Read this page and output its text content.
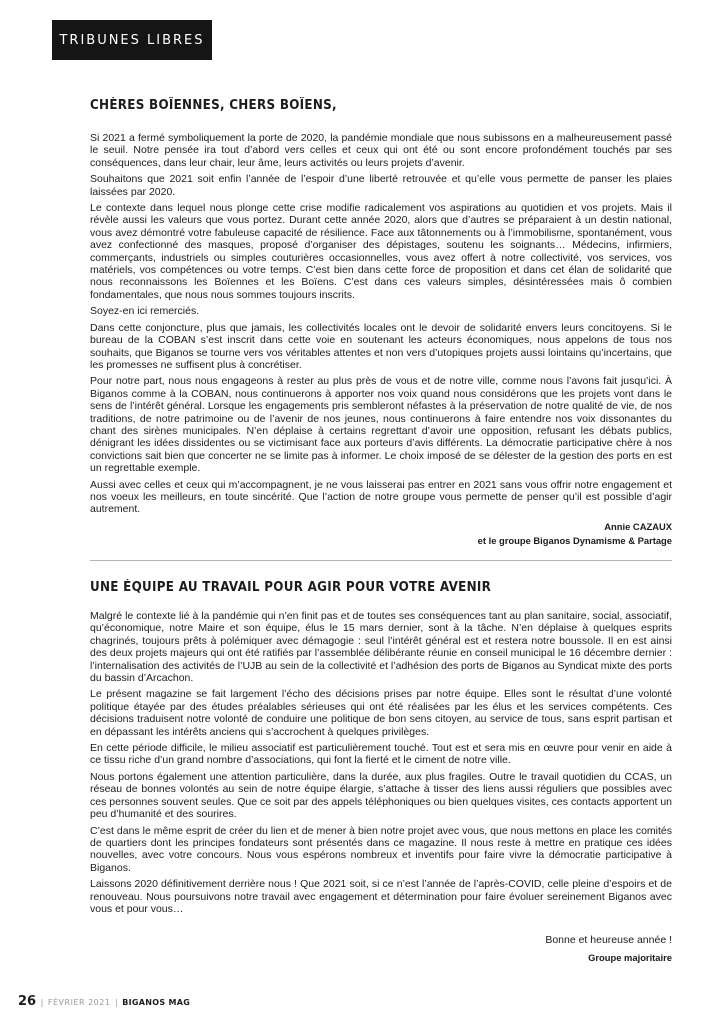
TRIBUNES LIBRES
CHÈRES BOÏENNES, CHERS BOÏENS,

Si 2021 a fermé symboliquement la porte de 2020, la pandémie mondiale que nous subissons en a malheureusement passé le seuil. Notre pensée ira tout d’abord vers celles et ceux qui ont été ou sont encore profondément touchés par ses conséquences, dans leur chair, leur âme, leurs activités ou leurs projets d’avenir.

Souhaitons que 2021 soit enfin l’année de l’espoir d’une liberté retrouvée et qu’elle vous permette de panser les plaies laissées par 2020.

Le contexte dans lequel nous plonge cette crise modifie radicalement vos aspirations au quotidien et vos projets. Mais il révèle aussi les valeurs que vous portez. Durant cette année 2020, alors que d’autres se préparaient à un destin national, vous avez démontré votre fabuleuse capacité de résilience. Face aux tâtonnements ou à l’immobilisme, spontanément, vous avez confectionné des masques, proposé d’organiser des dépistages, soutenu les soignants… Médecins, infirmiers, commerçants, industriels ou simples couturières occasionnelles, vous avez offert à notre collectivité, vos services, vos matériels, vos compétences ou votre temps. C’est bien dans cette force de proposition et dans cet élan de solidarité que nous reconnaissons les Boïennes et les Boïens. C’est dans ces valeurs simples, désintéressées mais ô combien fondamentales, que nous nous sommes toujours inscrits.

Soyez-en ici remerciés.

Dans cette conjoncture, plus que jamais, les collectivités locales ont le devoir de solidarité envers leurs concitoyens. Si le bureau de la COBAN s’est inscrit dans cette voie en soutenant les acteurs économiques, nous appelons de tous nos souhaits, que Biganos se tourne vers vos véritables attentes et non vers d’utopiques projets aussi lointains qu’incertains, que les promesses ne suffisent plus à concrétiser.

Pour notre part, nous nous engageons à rester au plus près de vous et de notre ville, comme nous l’avons fait jusqu’ici. À Biganos comme à la COBAN, nous continuerons à apporter nos voix quand nous considérons que les projets vont dans le sens de l’intérêt général. Lorsque les engagements pris sembleront néfastes à la préservation de notre qualité de vie, de nos traditions, de notre patrimoine ou de l’avenir de nos jeunes, nous continuerons à faire entendre nos voix dissonantes du chant des sirènes municipales. N’en déplaise à certains regrettant d’avoir une opposition, refusant les débats publics, dénigrant les idées dissidentes ou se victimisant face aux porteurs d’avis différents. La démocratie participative chère à nos convictions sait bien que concerter ne se limite pas à informer. Le choix imposé de se délester de la gestion des ports en est un regrettable exemple.

Aussi avec celles et ceux qui m’accompagnent, je ne vous laisserai pas entrer en 2021 sans vous offrir notre engagement et nos voeux les meilleurs, en toute sincérité. Que l’action de notre groupe vous permette de penser qu’il est possible d’agir autrement.

Annie CAZAUX
et le groupe Biganos Dynamisme & Partage

UNE ÉQUIPE AU TRAVAIL POUR AGIR POUR VOTRE AVENIR

Malgré le contexte lié à la pandémie qui n’en finit pas et de toutes ses conséquences tant au plan sanitaire, social, associatif, qu’économique, notre Maire et son équipe, élus le 15 mars dernier, sont à la tâche. N’en déplaise à quelques esprits chagrinés, toujours prêts à polémiquer avec démagogie : seul l’intérêt général est et restera notre boussole. Il en est ainsi des deux projets majeurs qui ont été ratifiés par l’assemblée délibérante réunie en conseil municipal le 16 décembre dernier : l’internalisation des activités de l’UJB au sein de la collectivité et l’adhésion des ports de Biganos au Syndicat mixte des ports du bassin d’Arcachon.

Le présent magazine se fait largement l’écho des décisions prises par notre équipe. Elles sont le résultat d’une volonté politique étayée par des études préalables sérieuses qui ont été réalisées par les élus et les services compétents. Ces décisions traduisent notre volonté de conduire une politique de bon sens citoyen, au service de tous, sans esprit partisan et en dépassant les intérêts anciens qui s’accrochent à quelques privilèges.

En cette période difficile, le milieu associatif est particulièrement touché. Tout est et sera mis en œuvre pour venir en aide à ce tissu riche d’un grand nombre d’associations, qui font la fierté et le ciment de notre ville.

Nous portons également une attention particulière, dans la durée, aux plus fragiles. Outre le travail quotidien du CCAS, un réseau de bonnes volontés au sein de notre équipe élargie, s’attache à tisser des liens aussi réguliers que possibles avec ces personnes souvent seules. Que ce soit par des appels téléphoniques ou bien quelques visites, ces contacts apportent un peu d’humanité et des sourires.

C’est dans le même esprit de créer du lien et de mener à bien notre projet avec vous, que nous mettons en place les comités de quartiers dont les principes fondateurs sont présentés dans ce magazine. Il nous reste à mettre en pratique ces idées nouvelles, avec votre concours. Nous vous espérons nombreux et inventifs pour faire vivre la démocratie participative à Biganos.

Laissons 2020 définitivement derrière nous ! Que 2021 soit, si ce n’est l’année de l’après-COVID, celle pleine d’espoirs et de renouveau. Nous poursuivons notre travail avec engagement et détermination pour faire évoluer sereinement Biganos avec vous et pour vous…

Bonne et heureuse année !

Groupe majoritaire

26 | FÉVRIER 2021 | BIGANOS MAG
